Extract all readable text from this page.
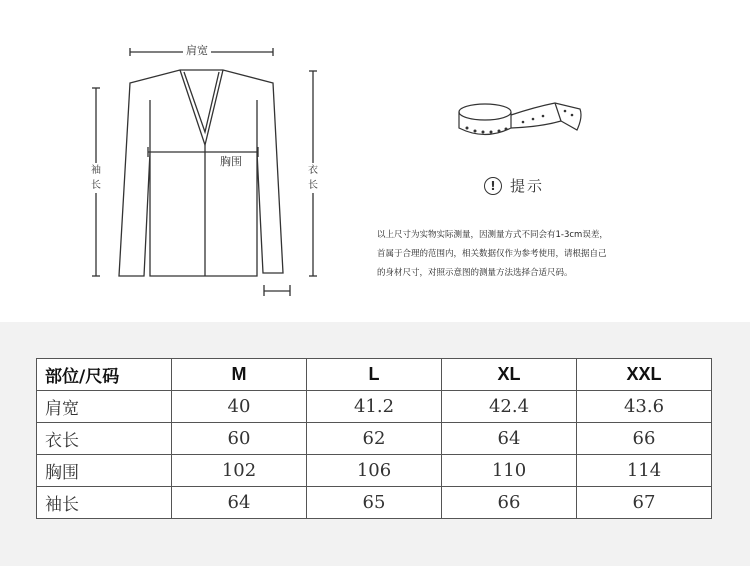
肩宽
胸围
袖
长
衣
长	! 提示

以上尺寸为实物实际测量，因测量方式不同会有1-3cm误差，

首属于合理的范围内，相关数据仅作为参考使用，请根据自己

的身材尺寸，对照示意图的测量方法选择合适尺码。

部位/尺码	M	L	XL	XXL
肩宽	40	41.2	42.4	43.6
衣长	60	62	64	66
胸围	102	106	110	114
袖长	64	65	66	67
